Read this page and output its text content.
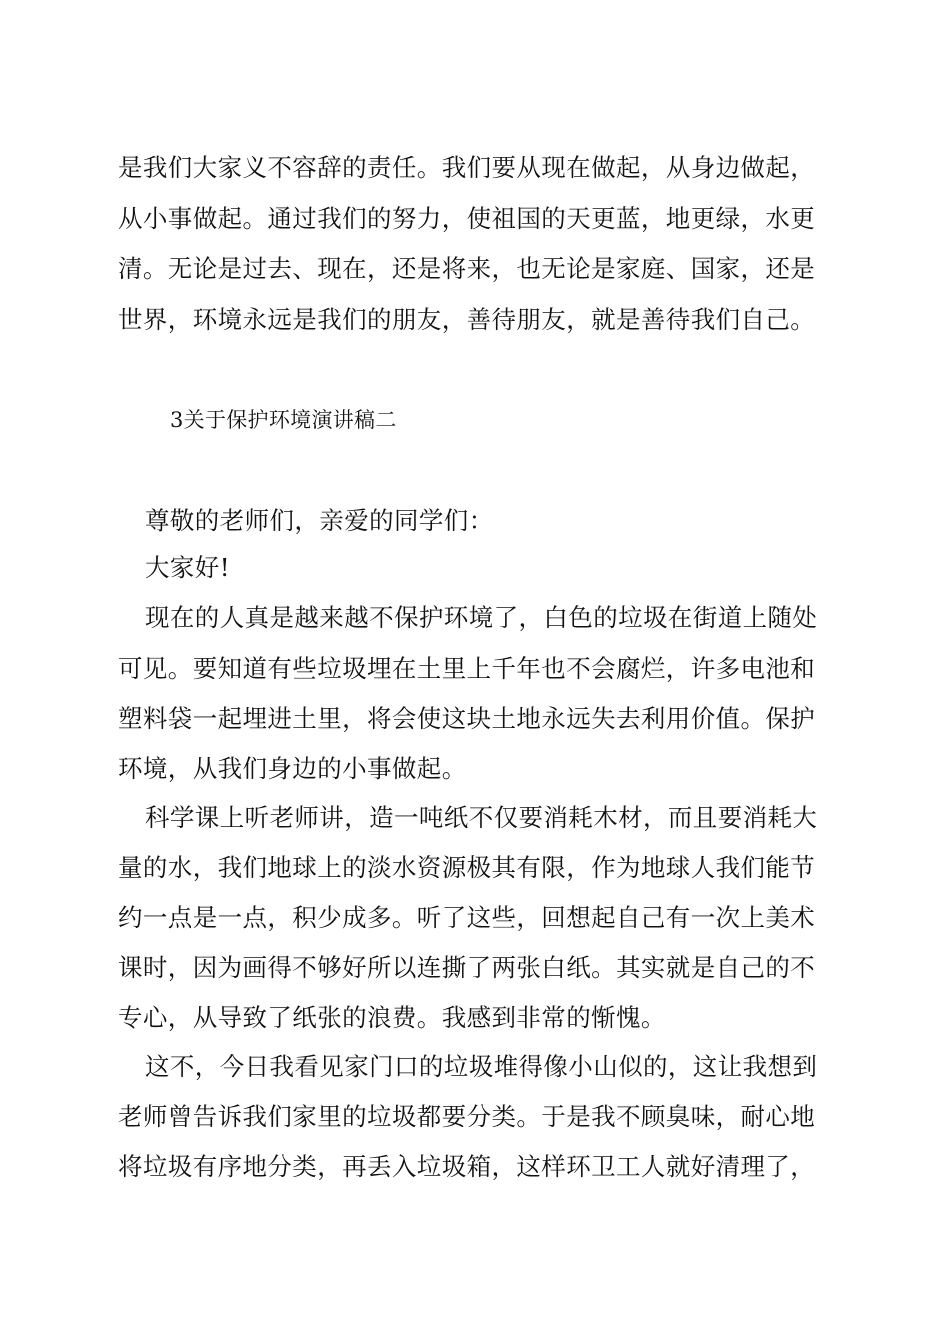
是我们大家义不容辞的责任。我们要从现在做起，从身边做起，
从小事做起。通过我们的努力，使祖国的天更蓝，地更绿，水更
清。无论是过去、现在，还是将来，也无论是家庭、国家，还是
世界，环境永远是我们的朋友，善待朋友，就是善待我们自己。
3关于保护环境演讲稿二
尊敬的老师们，亲爱的同学们：
大家好!
现在的人真是越来越不保护环境了，白色的垃圾在街道上随处
可见。要知道有些垃圾埋在土里上千年也不会腐烂，许多电池和
塑料袋一起埋进土里，将会使这块土地永远失去利用价值。保护
环境，从我们身边的小事做起。
科学课上听老师讲，造一吨纸不仅要消耗木材，而且要消耗大
量的水，我们地球上的淡水资源极其有限，作为地球人我们能节
约一点是一点，积少成多。听了这些，回想起自己有一次上美术
课时，因为画得不够好所以连撕了两张白纸。其实就是自己的不
专心，从导致了纸张的浪费。我感到非常的惭愧。
这不，今日我看见家门口的垃圾堆得像小山似的，这让我想到
老师曾告诉我们家里的垃圾都要分类。于是我不顾臭味，耐心地
将垃圾有序地分类，再丢入垃圾箱，这样环卫工人就好清理了，
